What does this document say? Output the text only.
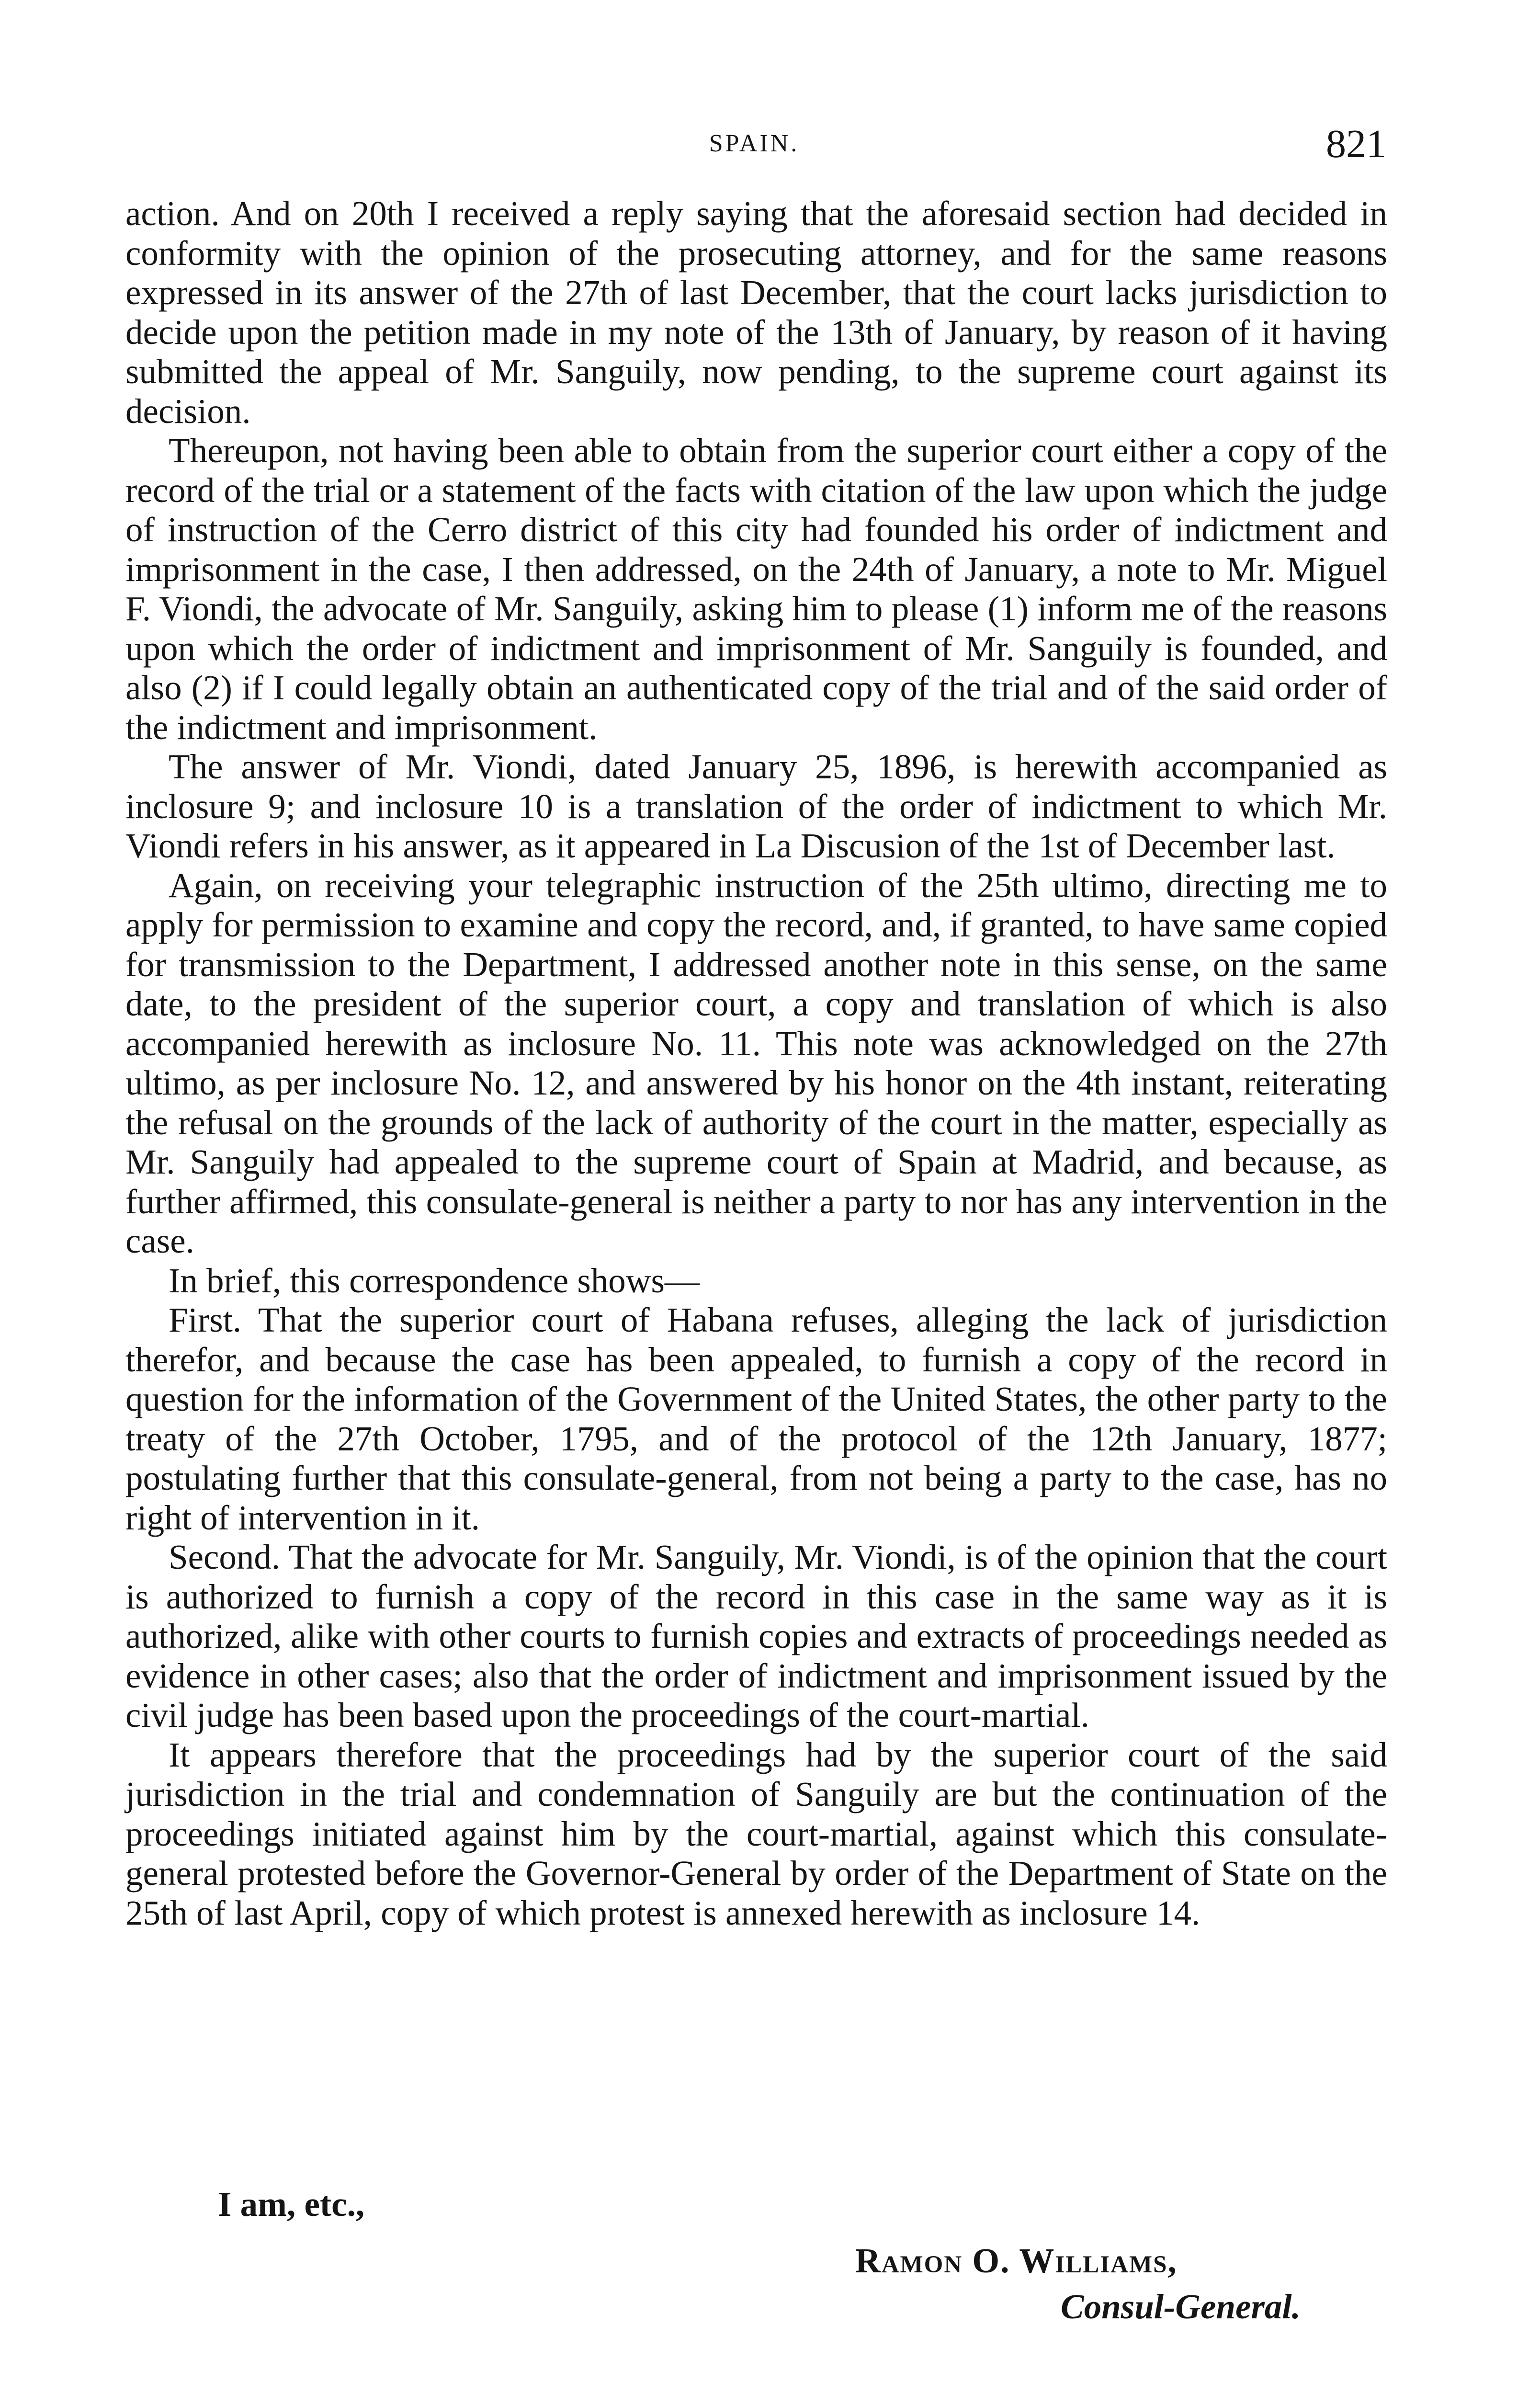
SPAIN.	821

action. And on 20th I received a reply saying that the aforesaid section had decided in conformity with the opinion of the prosecuting attorney, and for the same reasons expressed in its answer of the 27th of last December, that the court lacks jurisdiction to decide upon the petition made in my note of the 13th of January, by reason of it having submitted the appeal of Mr. Sanguily, now pending, to the supreme court against its decision.

Thereupon, not having been able to obtain from the superior court either a copy of the record of the trial or a statement of the facts with citation of the law upon which the judge of instruction of the Cerro district of this city had founded his order of indictment and imprisonment in the case, I then addressed, on the 24th of January, a note to Mr. Miguel F. Viondi, the advocate of Mr. Sanguily, asking him to please (1) inform me of the reasons upon which the order of indictment and imprisonment of Mr. Sanguily is founded, and also (2) if I could legally obtain an authenticated copy of the trial and of the said order of the indictment and imprisonment.

The answer of Mr. Viondi, dated January 25, 1896, is herewith accompanied as inclosure 9; and inclosure 10 is a translation of the order of indictment to which Mr. Viondi refers in his answer, as it appeared in La Discusion of the 1st of December last.

Again, on receiving your telegraphic instruction of the 25th ultimo, directing me to apply for permission to examine and copy the record, and, if granted, to have same copied for transmission to the Department, I addressed another note in this sense, on the same date, to the president of the superior court, a copy and translation of which is also accompanied herewith as inclosure No. 11. This note was acknowledged on the 27th ultimo, as per inclosure No. 12, and answered by his honor on the 4th instant, reiterating the refusal on the grounds of the lack of authority of the court in the matter, especially as Mr. Sanguily had appealed to the supreme court of Spain at Madrid, and because, as further affirmed, this consulate-general is neither a party to nor has any intervention in the case.

In brief, this correspondence shows—

First. That the superior court of Habana refuses, alleging the lack of jurisdiction therefor, and because the case has been appealed, to furnish a copy of the record in question for the information of the Government of the United States, the other party to the treaty of the 27th October, 1795, and of the protocol of the 12th January, 1877; postulating further that this consulate-general, from not being a party to the case, has no right of intervention in it.

Second. That the advocate for Mr. Sanguily, Mr. Viondi, is of the opinion that the court is authorized to furnish a copy of the record in this case in the same way as it is authorized, alike with other courts to furnish copies and extracts of proceedings needed as evidence in other cases; also that the order of indictment and imprisonment issued by the civil judge has been based upon the proceedings of the court-martial.

It appears therefore that the proceedings had by the superior court of the said jurisdiction in the trial and condemnation of Sanguily are but the continuation of the proceedings initiated against him by the court-martial, against which this consulate-general protested before the Governor-General by order of the Department of State on the 25th of last April, copy of which protest is annexed herewith as inclosure 14.

I am, etc.,
Ramon O. Williams,
Consul-General.
